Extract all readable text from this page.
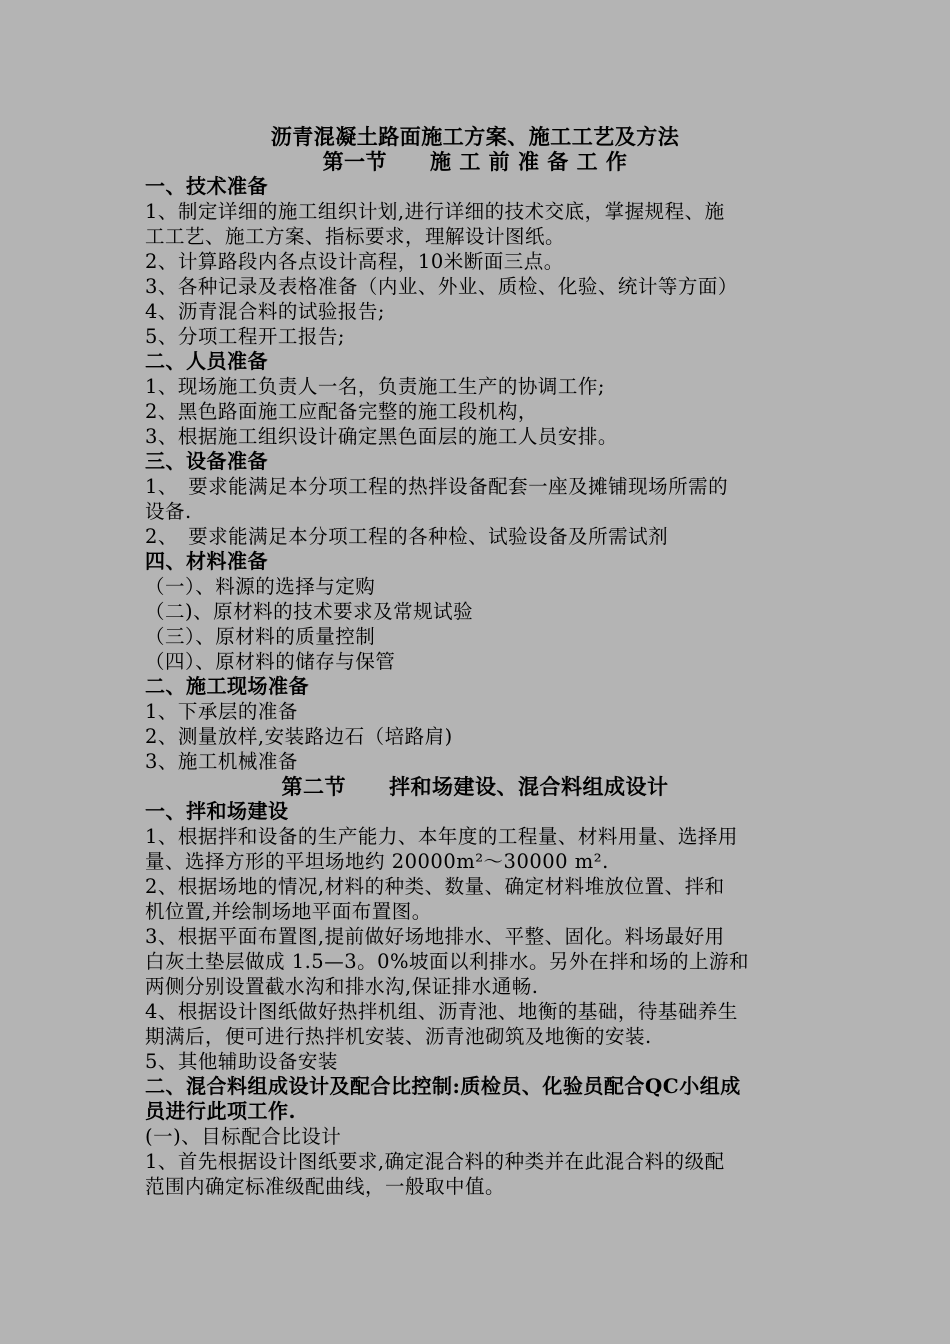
沥青混凝土路面施工方案、施工工艺及方法
第一节　　施 工 前 准 备 工 作
一、技术准备
1、制定详细的施工组织计划,进行详细的技术交底，掌握规程、施
工工艺、施工方案、指标要求，理解设计图纸。
2、计算路段内各点设计高程，10米断面三点。
3、各种记录及表格准备（内业、外业、质检、化验、统计等方面）
4、沥青混合料的试验报告;
5、分项工程开工报告;
二、人员准备
1、现场施工负责人一名，负责施工生产的协调工作;
2、黑色路面施工应配备完整的施工段机构，
3、根据施工组织设计确定黑色面层的施工人员安排。
三、设备准备
1、　要求能满足本分项工程的热拌设备配套一座及摊铺现场所需的
设备.
2、　要求能满足本分项工程的各种检、试验设备及所需试剂
四、材料准备
（一）、料源的选择与定购
（二)、原材料的技术要求及常规试验
（三）、原材料的质量控制
（四）、原材料的储存与保管
二、施工现场准备
1、下承层的准备
2、测量放样,安装路边石（培路肩)
3、施工机械准备
第二节　　拌和场建设、混合料组成设计
一、拌和场建设
1、根据拌和设备的生产能力、本年度的工程量、材料用量、选择用
量、选择方形的平坦场地约 20000m²～30000 m².
2、根据场地的情况,材料的种类、数量、确定材料堆放位置、拌和
机位置,并绘制场地平面布置图。
3、根据平面布置图,提前做好场地排水、平整、固化。料场最好用
白灰土垫层做成 1.5—3。0%坡面以利排水。另外在拌和场的上游和
两侧分别设置截水沟和排水沟,保证排水通畅.
4、根据设计图纸做好热拌机组、沥青池、地衡的基础，待基础养生
期满后，便可进行热拌机安装、沥青池砌筑及地衡的安装.
5、其他辅助设备安装
二、混合料组成设计及配合比控制:质检员、化验员配合QC小组成
员进行此项工作.
(一)、目标配合比设计
1、首先根据设计图纸要求,确定混合料的种类并在此混合料的级配
范围内确定标准级配曲线，一般取中值。
